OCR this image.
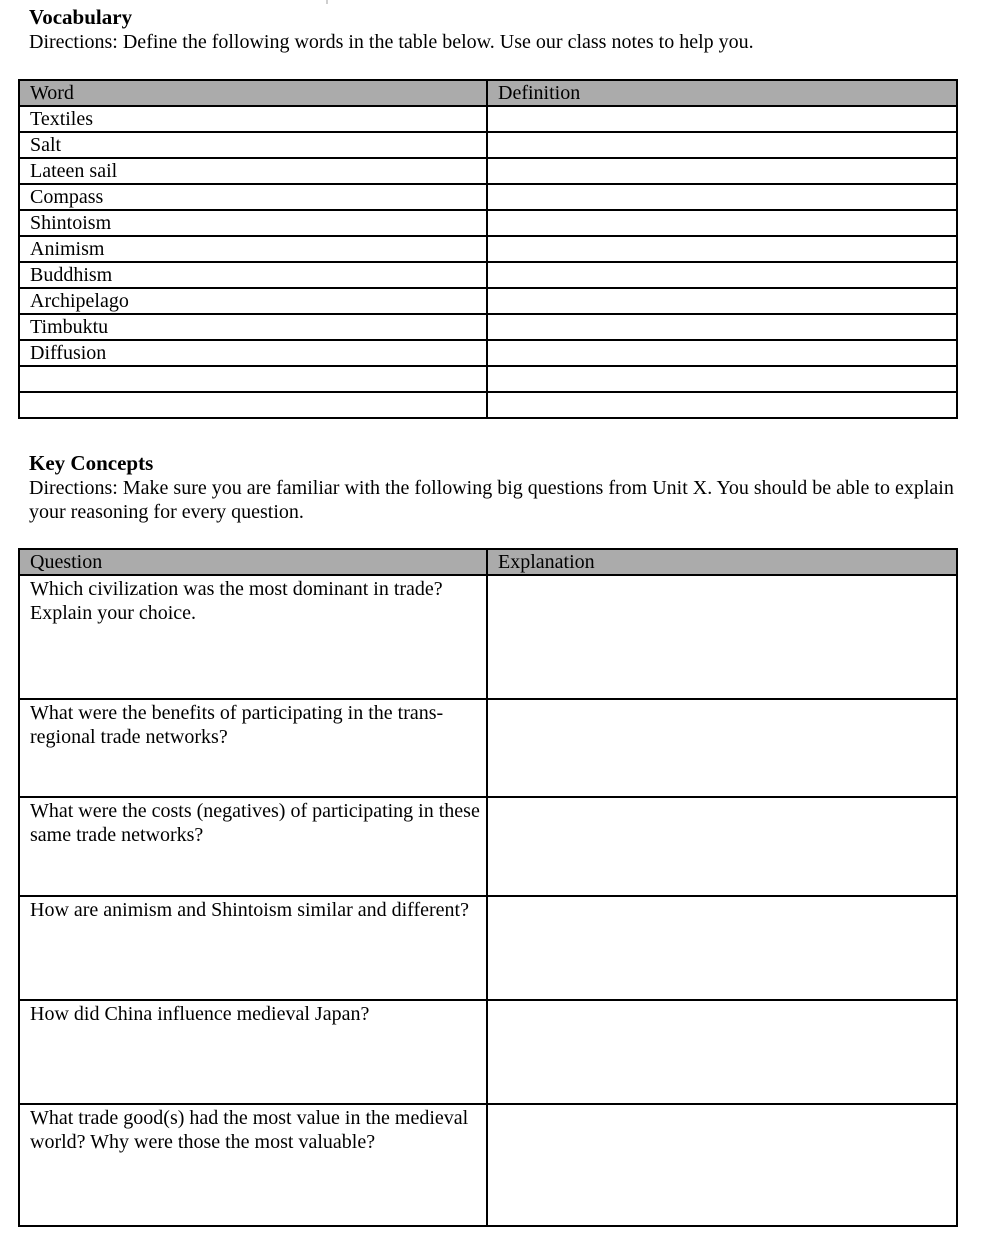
Vocabulary

Directions: Define the following words in the table below. Use our class notes to help you.

Word	Definition
Textiles	
Salt	
Lateen sail	
Compass	
Shintoism	
Animism	
Buddhism	
Archipelago	
Timbuktu	
Diffusion	

Key Concepts

Directions: Make sure you are familiar with the following big questions from Unit X. You should be able to explain your reasoning for every question.

Question	Explanation
Which civilization was the most dominant in trade? Explain your choice.	
What were the benefits of participating in the trans-regional trade networks?	
What were the costs (negatives) of participating in these same trade networks?	
How are animism and Shintoism similar and different?	
How did China influence medieval Japan?	
What trade good(s) had the most value in the medieval world? Why were those the most valuable?	
